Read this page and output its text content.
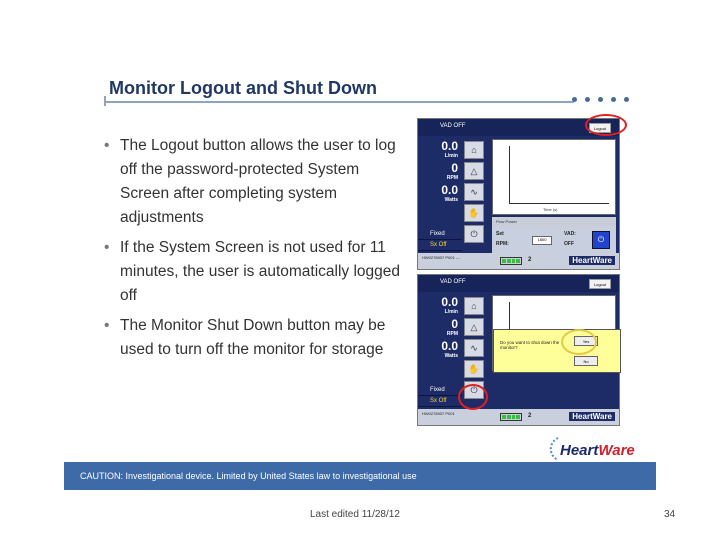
Monitor Logout and Shut Down
• The Logout button allows the user to log off the password-protected System Screen after completing system adjustments
• If the System Screen is not used for 11 minutes, the user is automatically logged off
• The Monitor Shut Down button may be used to turn off the monitor for storage
VAD OFF	Logout
0.0
L/min
0
RPM
0.0
Watts
⌂
△
∿
✋
⏻
Fixed
Sx Off
Time (s)
Flow Power
Set
RPM:
1800
VAD:
OFF	⏻
HW0278937 P001 ---	2	HeartWare
VAD OFF	Logout
0.0
L/min
0
RPM
0.0
Watts
⌂
△
∿
✋
⏻
Fixed
Sx Off
Do you want to shut down the monitor?
Yes
No
HW0278937 P001	2	HeartWare
HeartWare
CAUTION: Investigational device. Limited by United States law to investigational use
Last edited 11/28/12	34
